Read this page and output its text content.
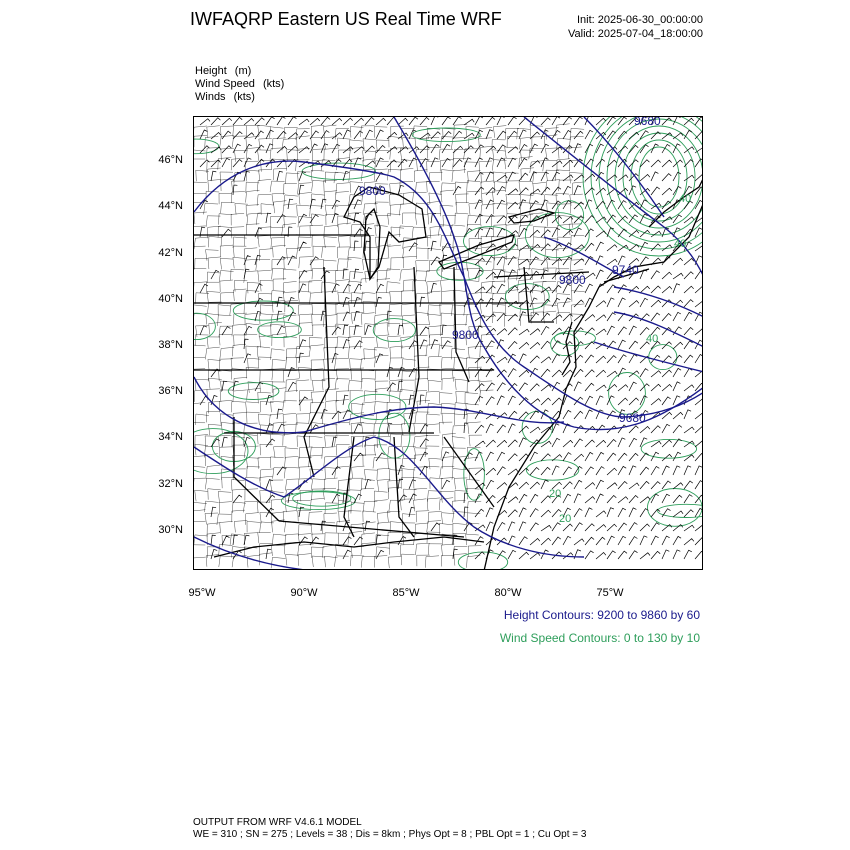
IWFAQRP Eastern US Real Time WRF	Init: 2025-06-30_00:00:00
Valid: 2025-07-04_18:00:00
Height (m)
Wind Speed (kts)
Winds (kts)
9800
9800
9800
9740
9680
9680
40
20
20
40
40
46°N
44°N
42°N
40°N
38°N
36°N
34°N
32°N
30°N
95°W	90°W	85°W	80°W	75°W
Height Contours: 9200 to 9860 by 60
Wind Speed Contours: 0 to 130 by 10
OUTPUT FROM WRF V4.6.1 MODEL
WE = 310 ; SN = 275 ; Levels = 38 ; Dis = 8km ; Phys Opt = 8 ; PBL Opt = 1 ; Cu Opt = 3
